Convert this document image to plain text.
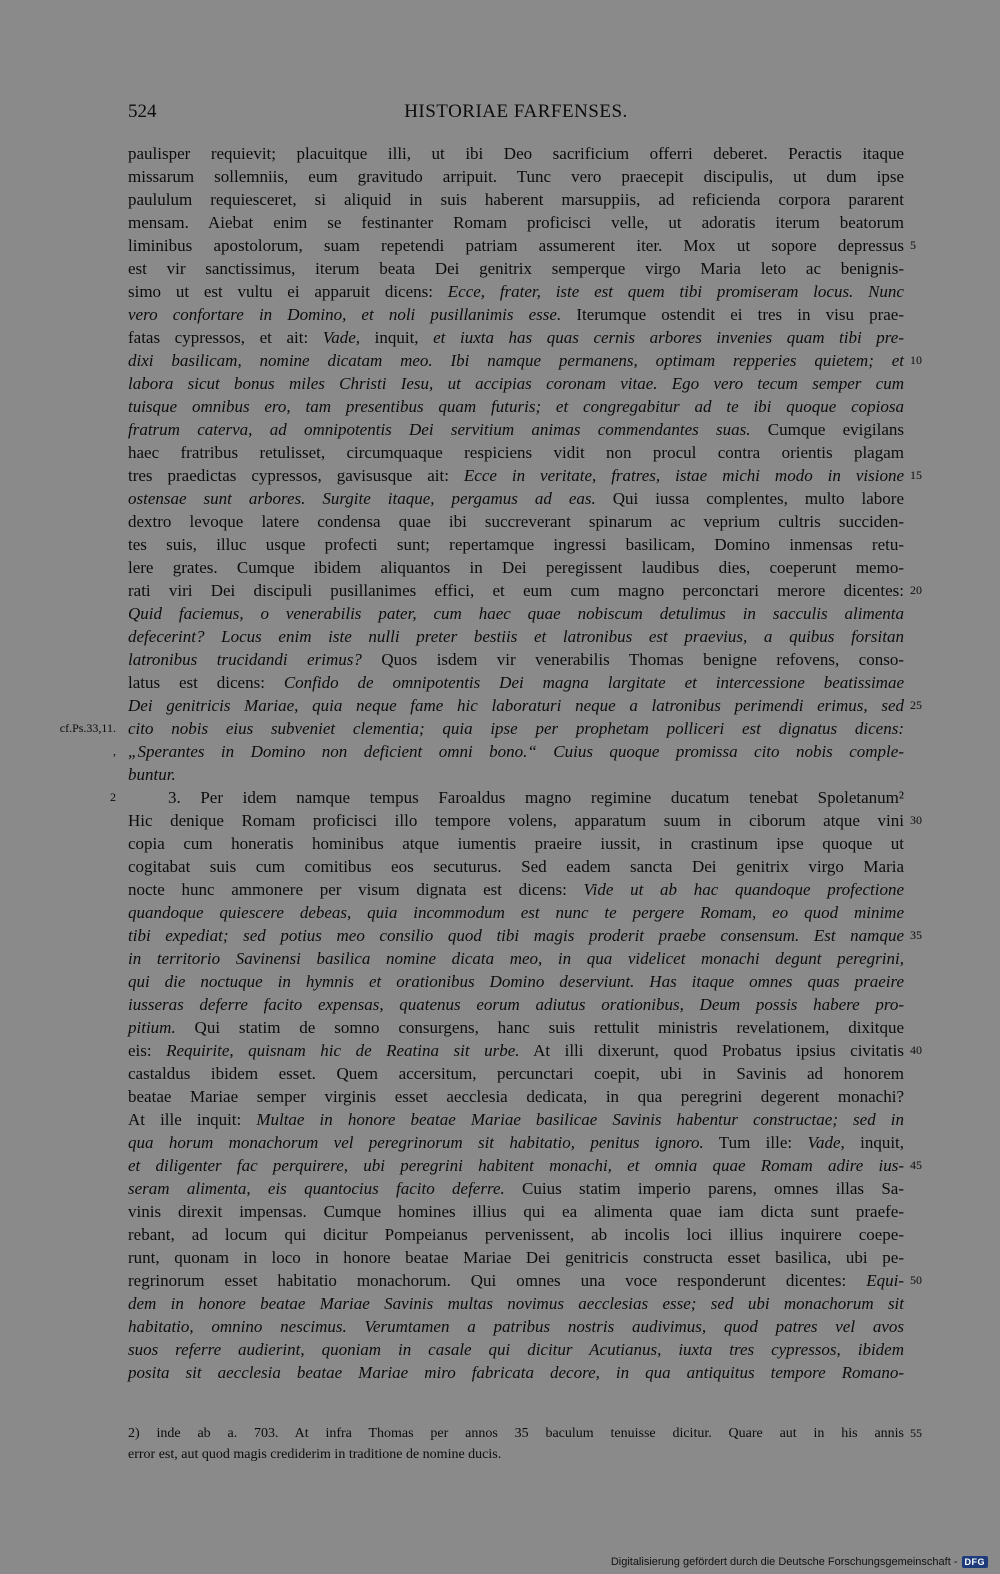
524	HISTORIAE FARFENSES.
paulisper requievit; placuitque illi, ut ibi Deo sacrificium offerri deberet. Peractis itaque
missarum sollemniis, eum gravitudo arripuit. Tunc vero praecepit discipulis, ut dum ipse
paululum requiesceret, si aliquid in suis haberent marsuppiis, ad reficienda corpora pararent
mensam. Aiebat enim se festinanter Romam proficisci velle, ut adoratis iterum beatorum
liminibus apostolorum, suam repetendi patriam assumerent iter. Mox ut sopore depressus
est vir sanctissimus, iterum beata Dei genitrix semperque virgo Maria leto ac benignis-
simo ut est vultu ei apparuit dicens: Ecce, frater, iste est quem tibi promiseram locus. Nunc
vero confortare in Domino, et noli pusillanimis esse. Iterumque ostendit ei tres in visu prae-
fatas cypressos, et ait: Vade, inquit, et iuxta has quas cernis arbores invenies quam tibi pre-
dixi basilicam, nomine dicatam meo. Ibi namque permanens, optimam repperies quietem; et
labora sicut bonus miles Christi Iesu, ut accipias coronam vitae. Ego vero tecum semper cum
tuisque omnibus ero, tam presentibus quam futuris; et congregabitur ad te ibi quoque copiosa
fratrum caterva, ad omnipotentis Dei servitium animas commendantes suas. Cumque evigilans
haec fratribus retulisset, circumquaque respiciens vidit non procul contra orientis plagam
tres praedictas cypressos, gavisusque ait: Ecce in veritate, fratres, istae michi modo in visione
ostensae sunt arbores. Surgite itaque, pergamus ad eas. Qui iussa complentes, multo labore
dextro levoque latere condensa quae ibi succreverant spinarum ac veprium cultris succiden-
tes suis, illuc usque profecti sunt; repertamque ingressi basilicam, Domino inmensas retu-
lere grates. Cumque ibidem aliquantos in Dei peregissent laudibus dies, coeperunt memo-
rati viri Dei discipuli pusillanimes effici, et eum cum magno perconctari merore dicentes:
Quid faciemus, o venerabilis pater, cum haec quae nobiscum detulimus in sacculis alimenta
defecerint? Locus enim iste nulli preter bestiis et latronibus est praevius, a quibus forsitan
latronibus trucidandi erimus? Quos isdem vir venerabilis Thomas benigne refovens, conso-
latus est dicens: Confido de omnipotentis Dei magna largitate et intercessione beatissimae
Dei genitricis Mariae, quia neque fame hic laboraturi neque a latronibus perimendi erimus, sed
cito nobis eius subveniet clementia; quia ipse per prophetam polliceri est dignatus dicens:
„Sperantes in Domino non deficient omni bono.“ Cuius quoque promissa cito nobis comple-
buntur.
3. Per idem namque tempus Faroaldus magno regimine ducatum tenebat Spoletanum²
Hic denique Romam proficisci illo tempore volens, apparatum suum in ciborum atque vini
copia cum honeratis hominibus atque iumentis praeire iussit, in crastinum ipse quoque ut
cogitabat suis cum comitibus eos secuturus. Sed eadem sancta Dei genitrix virgo Maria
nocte hunc ammonere per visum dignata est dicens: Vide ut ab hac quandoque profectione
quandoque quiescere debeas, quia incommodum est nunc te pergere Romam, eo quod minime
tibi expediat; sed potius meo consilio quod tibi magis proderit praebe consensum. Est namque
in territorio Savinensi basilica nomine dicata meo, in qua videlicet monachi degunt peregrini,
qui die noctuque in hymnis et orationibus Domino deserviunt. Has itaque omnes quas praeire
iusseras deferre facito expensas, quatenus eorum adiutus orationibus, Deum possis habere pro-
pitium. Qui statim de somno consurgens, hanc suis rettulit ministris revelationem, dixitque
eis: Requirite, quisnam hic de Reatina sit urbe. At illi dixerunt, quod Probatus ipsius civitatis
castaldus ibidem esset. Quem accersitum, percunctari coepit, ubi in Savinis ad honorem
beatae Mariae semper virginis esset aecclesia dedicata, in qua peregrini degerent monachi?
At ille inquit: Multae in honore beatae Mariae basilicae Savinis habentur constructae; sed in
qua horum monachorum vel peregrinorum sit habitatio, penitus ignoro. Tum ille: Vade, inquit,
et diligenter fac perquirere, ubi peregrini habitent monachi, et omnia quae Romam adire ius-
seram alimenta, eis quantocius facito deferre. Cuius statim imperio parens, omnes illas Sa-
vinis direxit impensas. Cumque homines illius qui ea alimenta quae iam dicta sunt praefe-
rebant, ad locum qui dicitur Pompeianus pervenissent, ab incolis loci illius inquirere coepe-
runt, quonam in loco in honore beatae Mariae Dei genitricis constructa esset basilica, ubi pe-
regrinorum esset habitatio monachorum. Qui omnes una voce responderunt dicentes: Equi-
dem in honore beatae Mariae Savinis multas novimus aecclesias esse; sed ubi monachorum sit
habitatio, omnino nescimus. Verumtamen a patribus nostris audivimus, quod patres vel avos
suos referre audierint, quoniam in casale qui dicitur Acutianus, iuxta tres cypressos, ibidem
posita sit aecclesia beatae Mariae miro fabricata decore, in qua antiquitus tempore Romano-
2) inde ab a. 703. At infra Thomas per annos 35 baculum tenuisse dicitur. Quare aut in his annis
error est, aut quod magis crediderim in traditione de nomine ducis.
Digitalisierung gefördert durch die Deutsche Forschungsgemeinschaft - DFG
5
10
15
20
25
cf.Ps.33,11.
,
2
30
35
40
45
50
55
